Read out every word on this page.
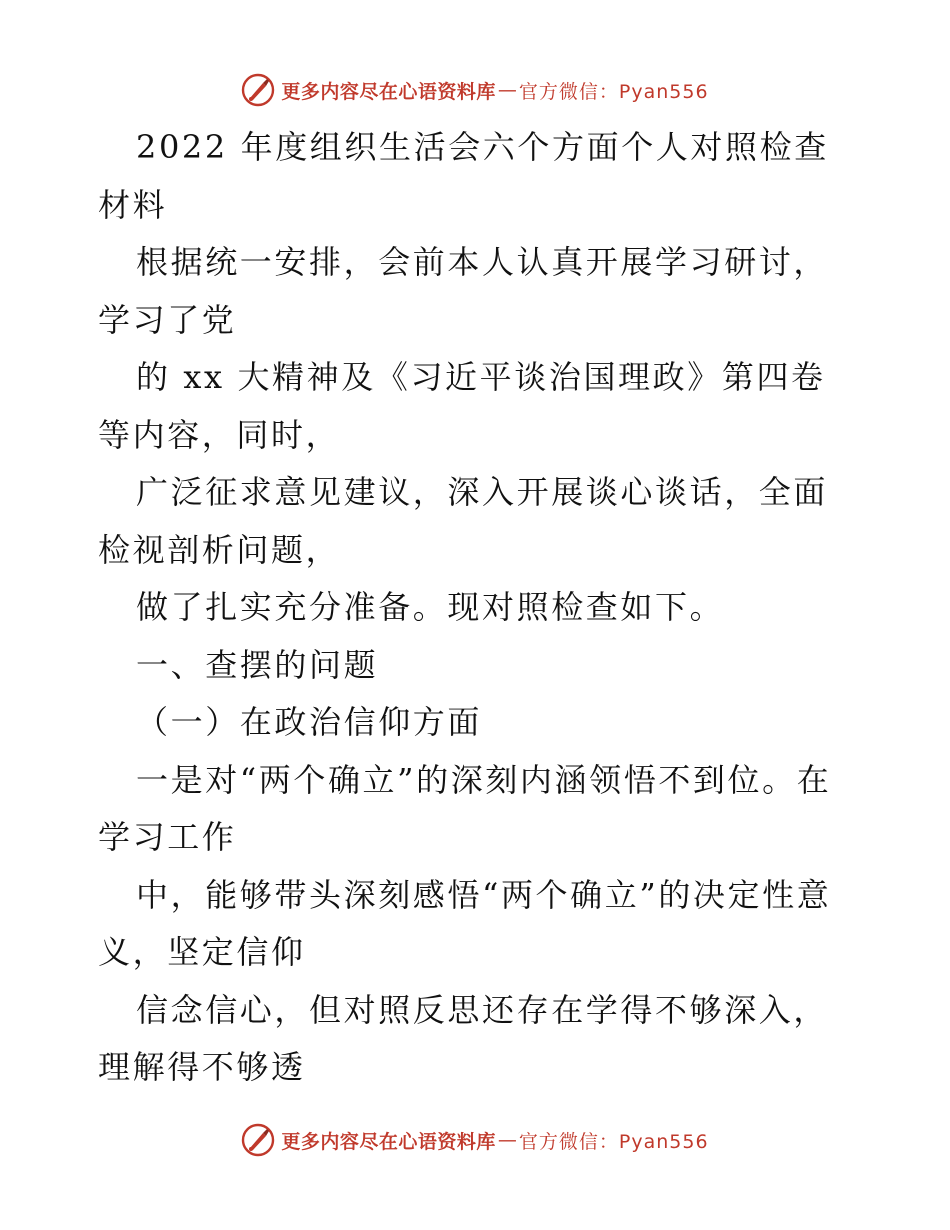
更多内容尽在心语资料库 — 官方微信：Pyan556

2022 年度组织生活会六个方面个人对照检查材料

根据统一安排，会前本人认真开展学习研讨，学习了党

的 xx 大精神及《习近平谈治国理政》第四卷等内容，同时，

广泛征求意见建议，深入开展谈心谈话，全面检视剖析问题，

做了扎实充分准备。现对照检查如下。

一、查摆的问题

（一）在政治信仰方面

一是对“两个确立”的深刻内涵领悟不到位。在学习工作

中，能够带头深刻感悟“两个确立”的决定性意义，坚定信仰

信念信心，但对照反思还存在学得不够深入，理解得不够透

更多内容尽在心语资料库 — 官方微信：Pyan556
